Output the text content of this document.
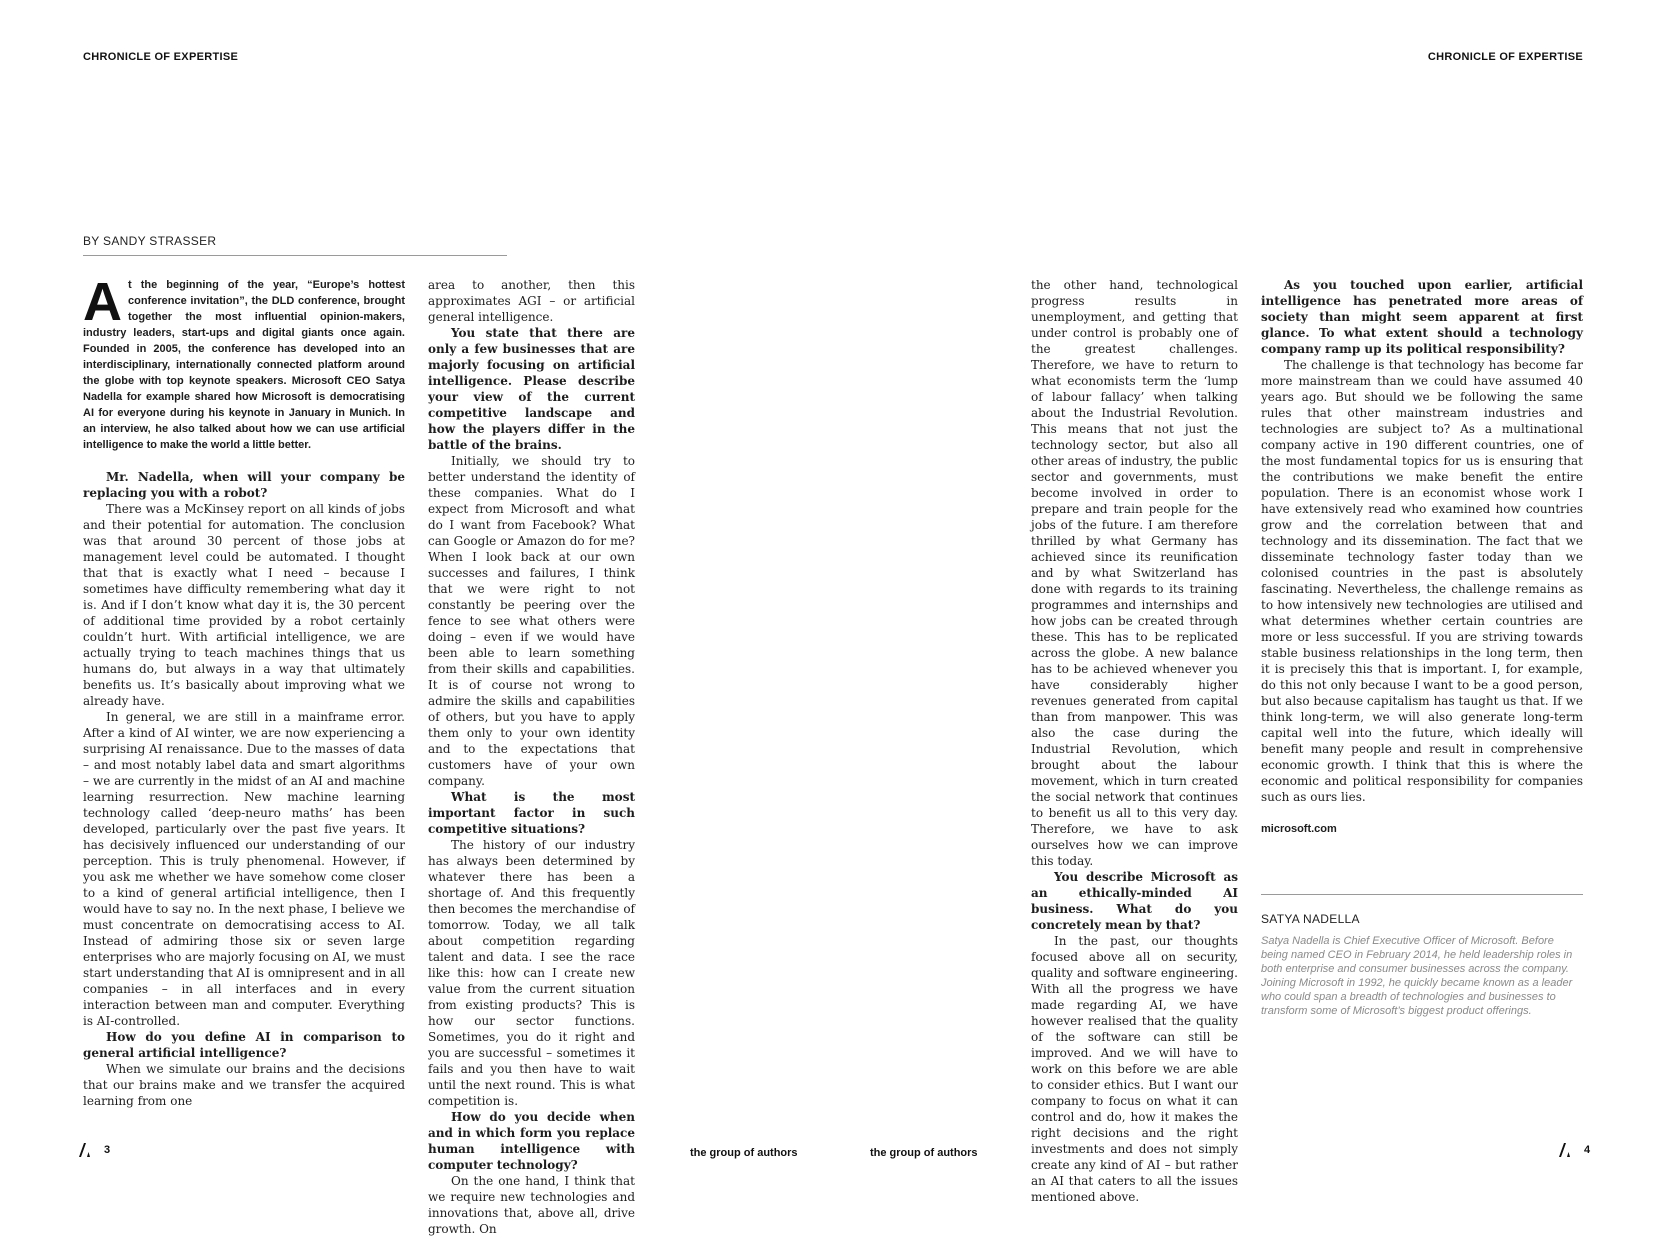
CHRONICLE OF EXPERTISE	CHRONICLE OF EXPERTISE
BY SANDY STRASSER
At the beginning of the year, “Europe’s hottest conference invitation”, the DLD conference, brought together the most influential opinion-makers, industry leaders, start-ups and digital giants once again. Founded in 2005, the conference has developed into an interdisciplinary, internationally connected platform around the globe with top keynote speakers. Microsoft CEO Satya Nadella for example shared how Microsoft is democratising AI for everyone during his keynote in January in Munich. In an interview, he also talked about how we can use artificial intelligence to make the world a little better.

Mr. Nadella, when will your company be replacing you with a robot?

There was a McKinsey report on all kinds of jobs and their potential for automation. The conclusion was that around 30 percent of those jobs at management level could be automated. I thought that that is exactly what I need – because I sometimes have difficulty remembering what day it is. And if I don’t know what day it is, the 30 percent of additional time provided by a robot certainly couldn’t hurt. With artificial intelligence, we are actually trying to teach machines things that us humans do, but always in a way that ultimately benefits us. It’s basically about improving what we already have.

In general, we are still in a mainframe error. After a kind of AI winter, we are now experiencing a surprising AI renaissance. Due to the masses of data – and most notably label data and smart algorithms – we are currently in the midst of an AI and machine learning resurrection. New machine learning technology called ‘deep-neuro maths’ has been developed, particularly over the past five years. It has decisively influenced our understanding of our perception. This is truly phenomenal. However, if you ask me whether we have somehow come closer to a kind of general artificial intelligence, then I would have to say no. In the next phase, I believe we must concentrate on democratising access to AI. Instead of admiring those six or seven large enterprises who are majorly focusing on AI, we must start understanding that AI is omnipresent and in all companies – in all interfaces and in every interaction between man and computer. Everything is AI-controlled.

How do you define AI in comparison to general artificial intelligence?

When we simulate our brains and the decisions that our brains make and we transfer the acquired learning from one

area to another, then this approximates AGI – or artificial general intelligence.

You state that there are only a few businesses that are majorly focusing on artificial intelligence. Please describe your view of the current competitive landscape and how the players differ in the battle of the brains.

Initially, we should try to better understand the identity of these companies. What do I expect from Microsoft and what do I want from Facebook? What can Google or Amazon do for me? When I look back at our own successes and failures, I think that we were right to not constantly be peering over the fence to see what others were doing – even if we would have been able to learn something from their skills and capabilities. It is of course not wrong to admire the skills and capabilities of others, but you have to apply them only to your own identity and to the expectations that customers have of your own company.

What is the most important factor in such competitive situations?

The history of our industry has always been determined by whatever there has been a shortage of. And this frequently then becomes the merchandise of tomorrow. Today, we all talk about competition regarding talent and data. I see the race like this: how can I create new value from the current situation from existing products? This is how our sector functions. Sometimes, you do it right and you are successful – sometimes it fails and you then have to wait until the next round. This is what competition is.

How do you decide when and in which form you replace human intelligence with computer technology?

On the one hand, I think that we require new technologies and innovations that, above all, drive growth. On

the other hand, technological progress results in unemployment, and getting that under control is probably one of the greatest challenges. Therefore, we have to return to what economists term the ‘lump of labour fallacy’ when talking about the Industrial Revolution. This means that not just the technology sector, but also all other areas of industry, the public sector and governments, must become involved in order to prepare and train people for the jobs of the future. I am therefore thrilled by what Germany has achieved since its reunification and by what Switzerland has done with regards to its training programmes and internships and how jobs can be created through these. This has to be replicated across the globe. A new balance has to be achieved whenever you have considerably higher revenues generated from capital than from manpower. This was also the case during the Industrial Revolution, which brought about the labour movement, which in turn created the social network that continues to benefit us all to this very day. Therefore, we have to ask ourselves how we can improve this today.

You describe Microsoft as an ethically-minded AI business. What do you concretely mean by that?

In the past, our thoughts focused above all on security, quality and software engineering. With all the progress we have made regarding AI, we have however realised that the quality of the software can still be improved. And we will have to work on this before we are able to consider ethics. But I want our company to focus on what it can control and do, how it makes the right decisions and the right investments and does not simply create any kind of AI – but rather an AI that caters to all the issues mentioned above.

As you touched upon earlier, artificial intelligence has penetrated more areas of society than might seem apparent at first glance. To what extent should a technology company ramp up its political responsibility?

The challenge is that technology has become far more mainstream than we could have assumed 40 years ago. But should we be following the same rules that other mainstream industries and technologies are subject to? As a multinational company active in 190 different countries, one of the most fundamental topics for us is ensuring that the contributions we make benefit the entire population. There is an economist whose work I have extensively read who examined how countries grow and the correlation between that and technology and its dissemination. The fact that we disseminate technology faster today than we colonised countries in the past is absolutely fascinating. Nevertheless, the challenge remains as to how intensively new technologies are utilised and what determines whether certain countries are more or less successful. If you are striving towards stable business relationships in the long term, then it is precisely this that is important. I, for example, do this not only because I want to be a good person, but also because capitalism has taught us that. If we think long-term, we will also generate long-term capital well into the future, which ideally will benefit many people and result in comprehensive economic growth. I think that this is where the economic and political responsibility for companies such as ours lies.

microsoft.com
SATYA NADELLA
Satya Nadella is Chief Executive Officer of Microsoft. Before being named CEO in February 2014, he held leadership roles in both enterprise and consumer businesses across the company. Joining Microsoft in 1992, he quickly became known as a leader who could span a breadth of technologies and businesses to transform some of Microsoft’s biggest product offerings.
3	the group of authors	the group of authors	4
